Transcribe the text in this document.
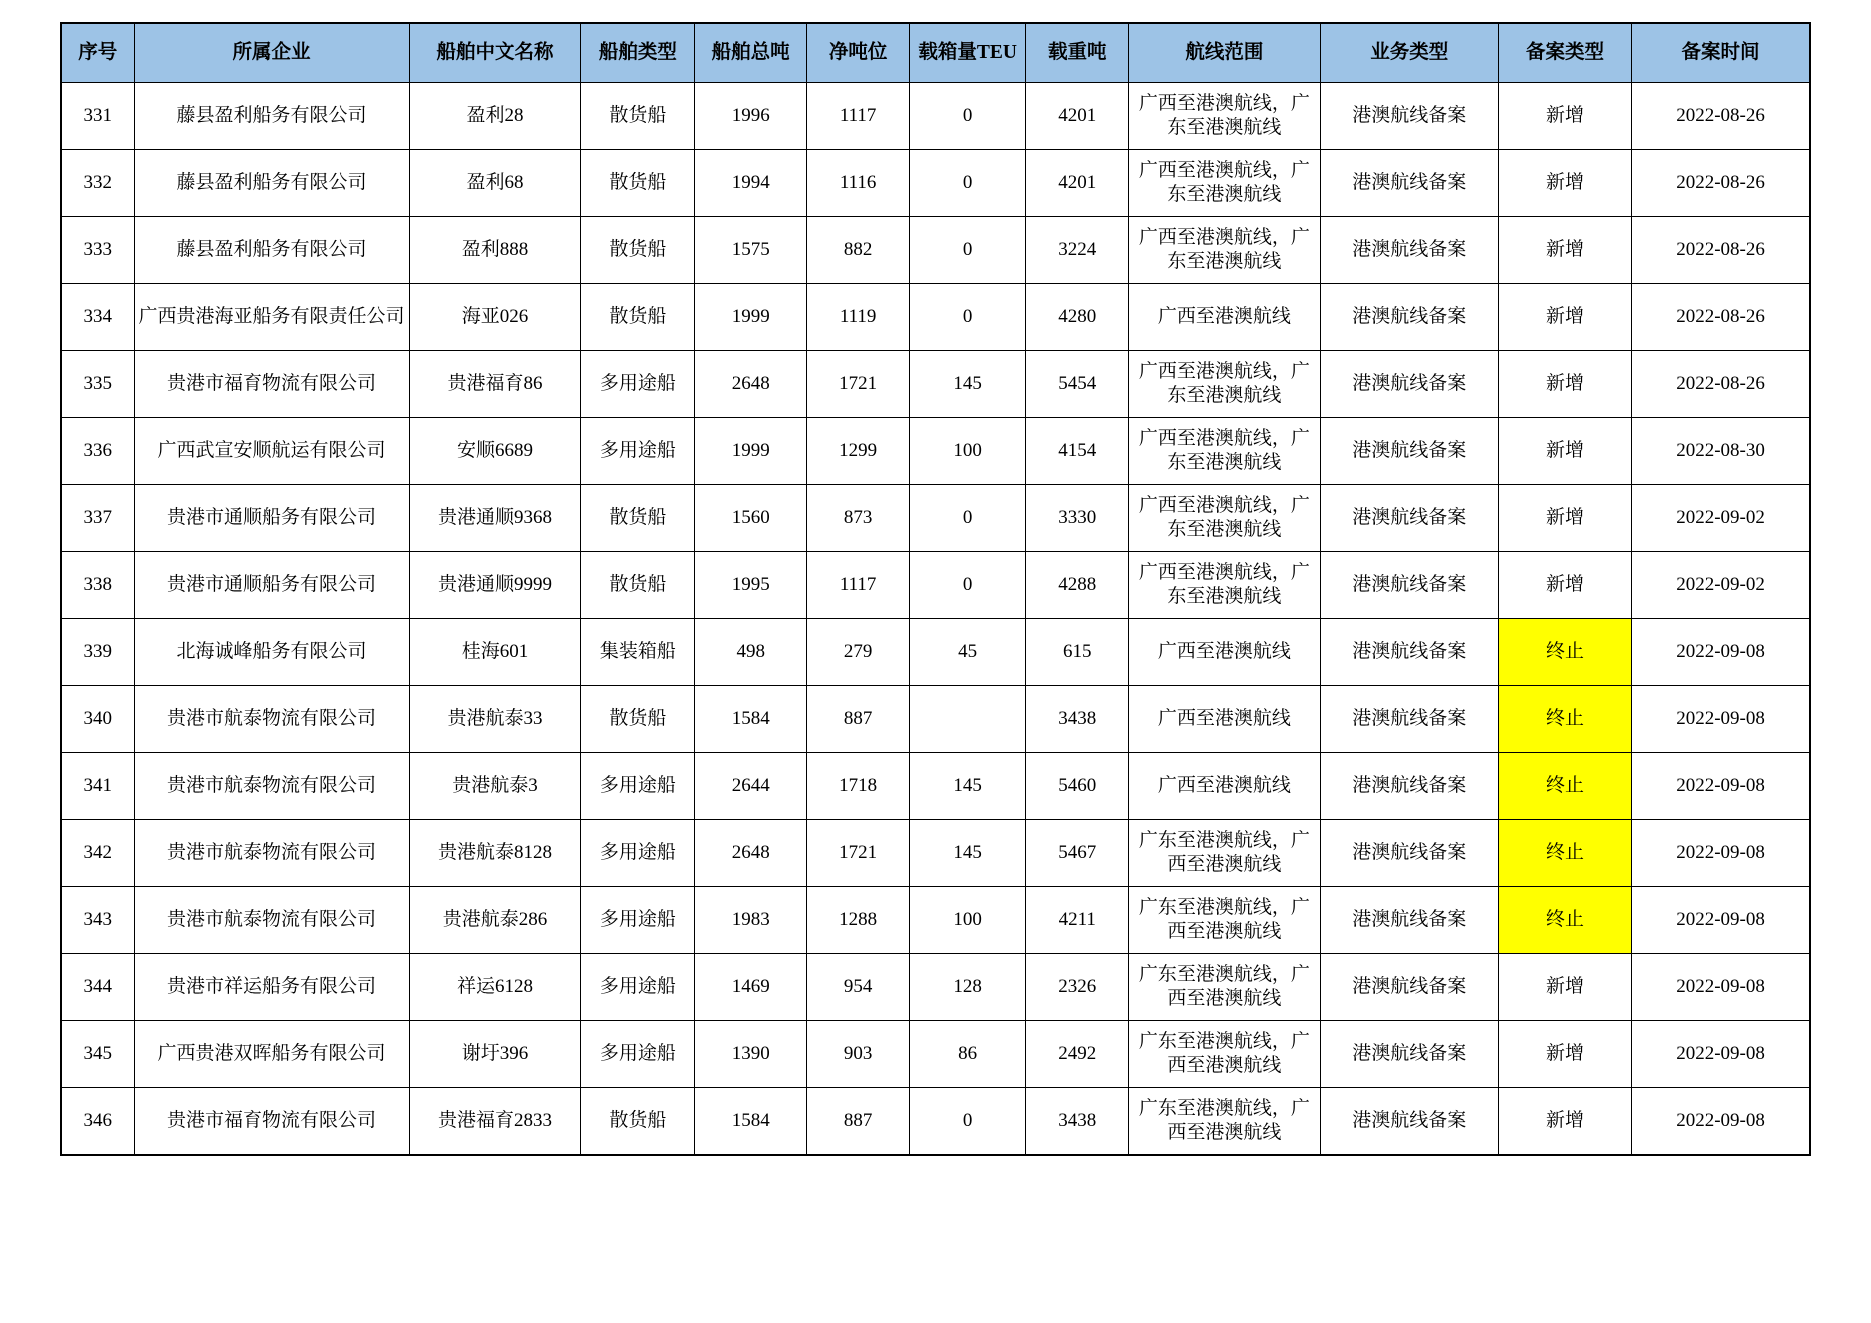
序号	所属企业	船舶中文名称	船舶类型	船舶总吨	净吨位	载箱量TEU	载重吨	航线范围	业务类型	备案类型	备案时间
331	藤县盈利船务有限公司	盈利28	散货船	1996	1117	0	4201	广西至港澳航线，广东至港澳航线	港澳航线备案	新增	2022-08-26
332	藤县盈利船务有限公司	盈利68	散货船	1994	1116	0	4201	广西至港澳航线，广东至港澳航线	港澳航线备案	新增	2022-08-26
333	藤县盈利船务有限公司	盈利888	散货船	1575	882	0	3224	广西至港澳航线，广东至港澳航线	港澳航线备案	新增	2022-08-26
334	广西贵港海亚船务有限责任公司	海亚026	散货船	1999	1119	0	4280	广西至港澳航线	港澳航线备案	新增	2022-08-26
335	贵港市福育物流有限公司	贵港福育86	多用途船	2648	1721	145	5454	广西至港澳航线，广东至港澳航线	港澳航线备案	新增	2022-08-26
336	广西武宣安顺航运有限公司	安顺6689	多用途船	1999	1299	100	4154	广西至港澳航线，广东至港澳航线	港澳航线备案	新增	2022-08-30
337	贵港市通顺船务有限公司	贵港通顺9368	散货船	1560	873	0	3330	广西至港澳航线，广东至港澳航线	港澳航线备案	新增	2022-09-02
338	贵港市通顺船务有限公司	贵港通顺9999	散货船	1995	1117	0	4288	广西至港澳航线，广东至港澳航线	港澳航线备案	新增	2022-09-02
339	北海诚峰船务有限公司	桂海601	集装箱船	498	279	45	615	广西至港澳航线	港澳航线备案	终止	2022-09-08
340	贵港市航泰物流有限公司	贵港航泰33	散货船	1584	887		3438	广西至港澳航线	港澳航线备案	终止	2022-09-08
341	贵港市航泰物流有限公司	贵港航泰3	多用途船	2644	1718	145	5460	广西至港澳航线	港澳航线备案	终止	2022-09-08
342	贵港市航泰物流有限公司	贵港航泰8128	多用途船	2648	1721	145	5467	广东至港澳航线，广西至港澳航线	港澳航线备案	终止	2022-09-08
343	贵港市航泰物流有限公司	贵港航泰286	多用途船	1983	1288	100	4211	广东至港澳航线，广西至港澳航线	港澳航线备案	终止	2022-09-08
344	贵港市祥运船务有限公司	祥运6128	多用途船	1469	954	128	2326	广东至港澳航线，广西至港澳航线	港澳航线备案	新增	2022-09-08
345	广西贵港双晖船务有限公司	谢圩396	多用途船	1390	903	86	2492	广东至港澳航线，广西至港澳航线	港澳航线备案	新增	2022-09-08
346	贵港市福育物流有限公司	贵港福育2833	散货船	1584	887	0	3438	广东至港澳航线，广西至港澳航线	港澳航线备案	新增	2022-09-08
